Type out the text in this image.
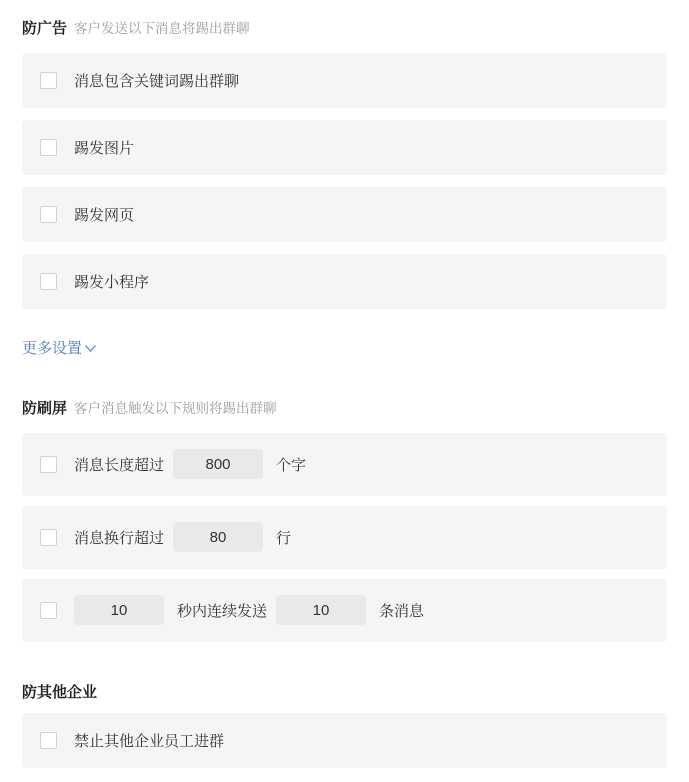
防广告 客户发送以下消息将踢出群聊
消息包含关键词踢出群聊
踢发图片
踢发网页
踢发小程序
更多设置
防刷屏 客户消息触发以下规则将踢出群聊
消息长度超过
800	个字
消息换行超过
80	行
10
秒内连续发送
10	条消息
防其他企业
禁止其他企业员工进群
